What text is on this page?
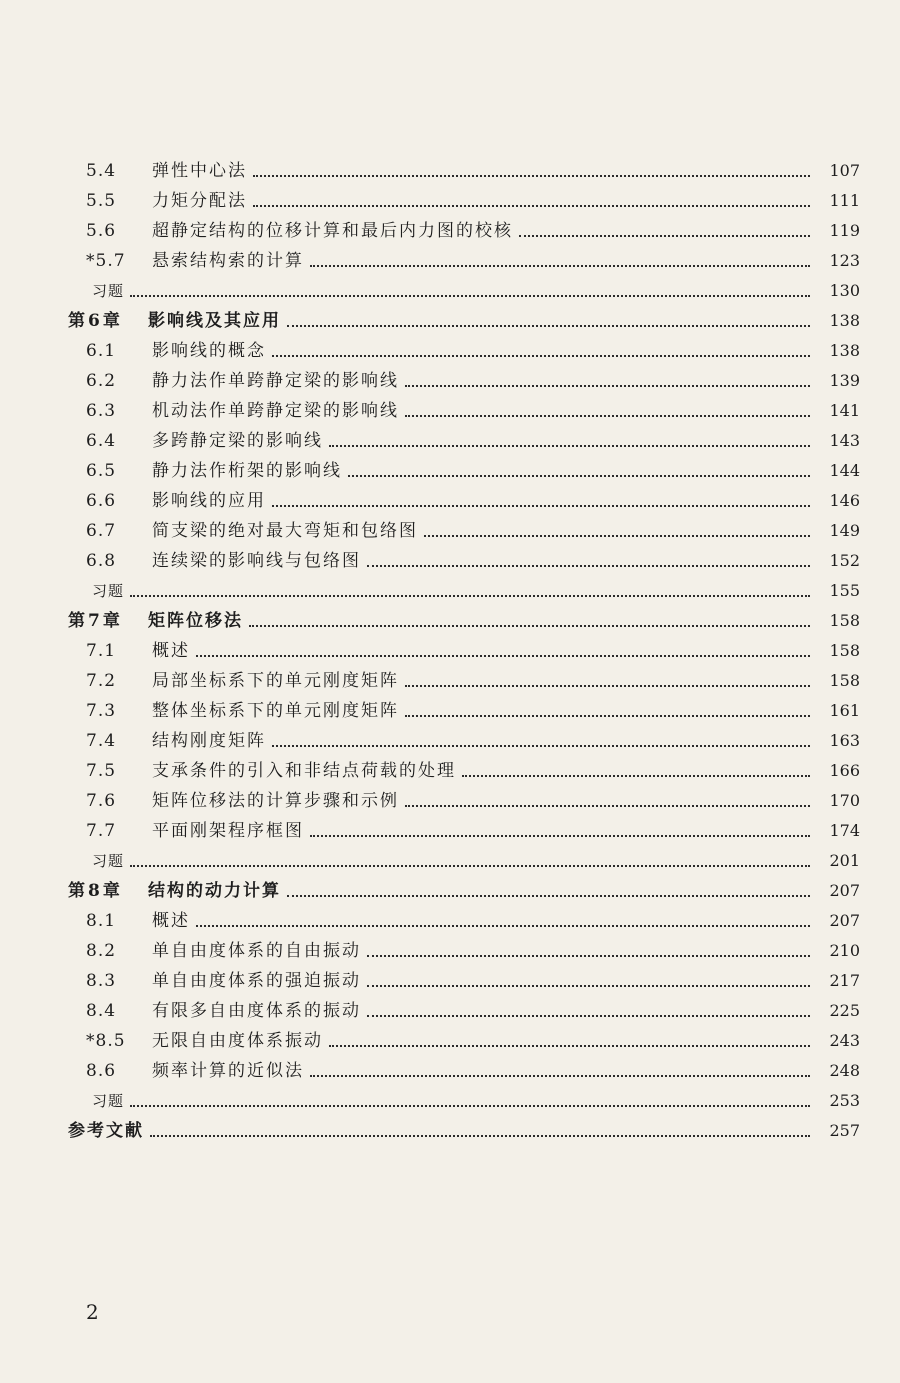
5.4	弹性中心法	107
5.5	力矩分配法	111
5.6	超静定结构的位移计算和最后内力图的校核	119
*5.7	悬索结构索的计算	123
习题	130
第6章	影响线及其应用	138
6.1	影响线的概念	138
6.2	静力法作单跨静定梁的影响线	139
6.3	机动法作单跨静定梁的影响线	141
6.4	多跨静定梁的影响线	143
6.5	静力法作桁架的影响线	144
6.6	影响线的应用	146
6.7	简支梁的绝对最大弯矩和包络图	149
6.8	连续梁的影响线与包络图	152
习题	155
第7章	矩阵位移法	158
7.1	概述	158
7.2	局部坐标系下的单元刚度矩阵	158
7.3	整体坐标系下的单元刚度矩阵	161
7.4	结构刚度矩阵	163
7.5	支承条件的引入和非结点荷载的处理	166
7.6	矩阵位移法的计算步骤和示例	170
7.7	平面刚架程序框图	174
习题	201
第8章	结构的动力计算	207
8.1	概述	207
8.2	单自由度体系的自由振动	210
8.3	单自由度体系的强迫振动	217
8.4	有限多自由度体系的振动	225
*8.5	无限自由度体系振动	243
8.6	频率计算的近似法	248
习题	253
参考文献	257
2
